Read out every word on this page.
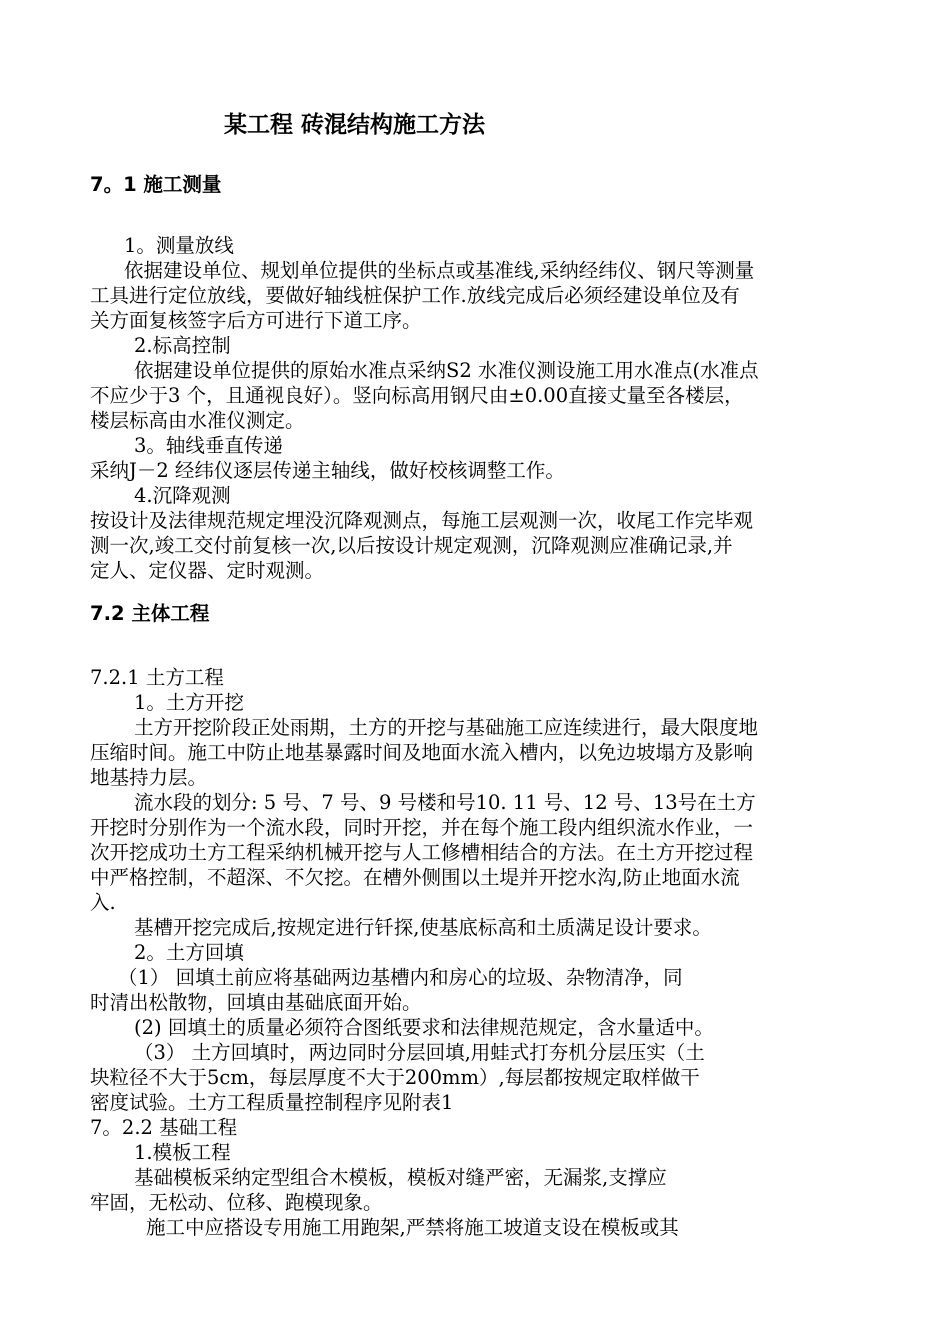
某工程 砖混结构施工方法
7。1 施工测量
7.2 主体工程
1。测量放线
依据建设单位、规划单位提供的坐标点或基准线,采纳经纬仪、钢尺等测量
工具进行定位放线，要做好轴线桩保护工作.放线完成后必须经建设单位及有
关方面复核签字后方可进行下道工序。
2.标高控制
依据建设单位提供的原始水准点采纳S2 水准仪测设施工用水准点(水准点
不应少于3 个，且通视良好）。竖向标高用钢尺由±0.00直接丈量至各楼层，
楼层标高由水准仪测定。
3。轴线垂直传递
采纳J－2 经纬仪逐层传递主轴线，做好校核调整工作。
4.沉降观测
按设计及法律规范规定埋没沉降观测点，每施工层观测一次，收尾工作完毕观
测一次,竣工交付前复核一次,以后按设计规定观测，沉降观测应准确记录,并
定人、定仪器、定时观测。
7.2.1 土方工程
1。土方开挖
土方开挖阶段正处雨期，土方的开挖与基础施工应连续进行，最大限度地
压缩时间。施工中防止地基暴露时间及地面水流入槽内，以免边坡塌方及影响
地基持力层。
流水段的划分: 5 号、7 号、9 号楼和号10. 11 号、12 号、13号在土方
开挖时分别作为一个流水段，同时开挖，并在每个施工段内组织流水作业，一
次开挖成功土方工程采纳机械开挖与人工修槽相结合的方法。在土方开挖过程
中严格控制，不超深、不欠挖。在槽外侧围以土堤并开挖水沟,防止地面水流
入.
基槽开挖完成后,按规定进行钎探,使基底标高和土质满足设计要求。
2。土方回填
（1） 回填土前应将基础两边基槽内和房心的垃圾、杂物清净，同
时清出松散物，回填由基础底面开始。
(2) 回填土的质量必须符合图纸要求和法律规范规定，含水量适中。
（3） 土方回填时，两边同时分层回填,用蛙式打夯机分层压实（土
块粒径不大于5cm，每层厚度不大于200mm）,每层都按规定取样做干
密度试验。土方工程质量控制程序见附表1
7。2.2 基础工程
1.模板工程
基础模板采纳定型组合木模板，模板对缝严密，无漏浆,支撑应
牢固，无松动、位移、跑模现象。
施工中应搭设专用施工用跑架,严禁将施工坡道支设在模板或其
